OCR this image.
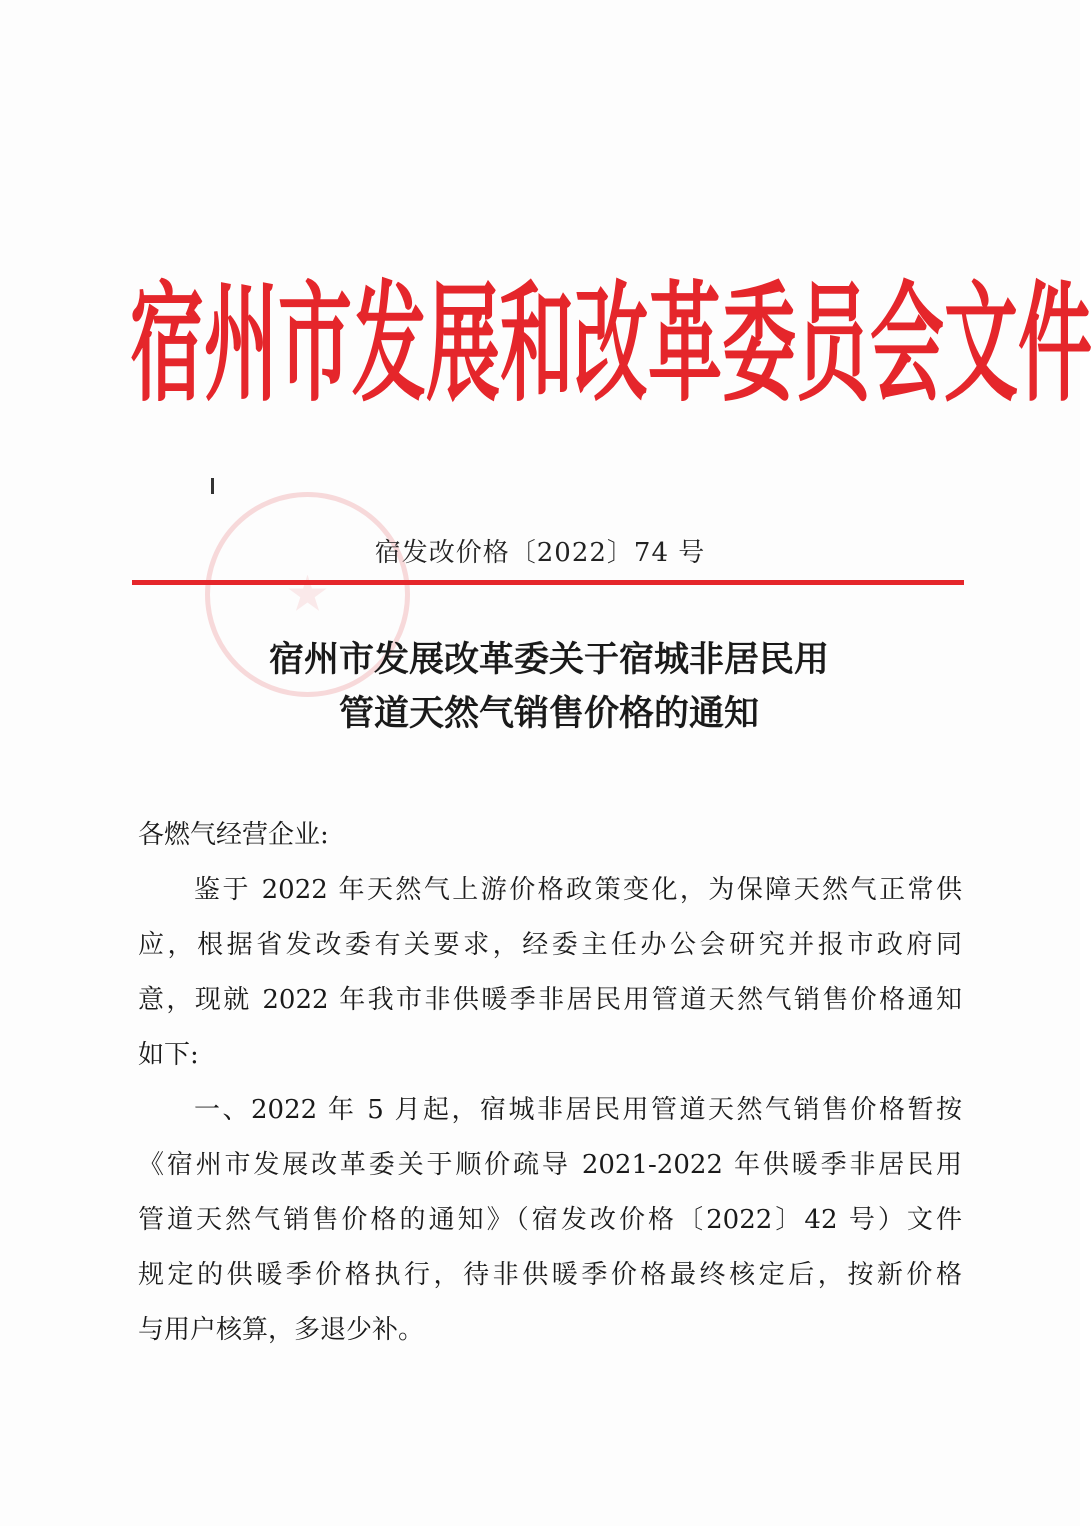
宿 州 市 发 展 和 改 革 委 员 会 文 件
宿发改价格〔2022〕74 号
宿州市发展改革委关于宿城非居民用
管道天然气销售价格的通知
各燃气经营企业:
鉴于 2022 年天然气上游价格政策变化，为保障天然气正常供
应，根据省发改委有关要求，经委主任办公会研究并报市政府同
意，现就 2022 年我市非供暖季非居民用管道天然气销售价格通知
如下:
一、2022 年 5 月起，宿城非居民用管道天然气销售价格暂按
《宿州市发展改革委关于顺价疏导 2021-2022 年供暖季非居民用
管道天然气销售价格的通知》（宿发改价格〔2022〕42 号）文件
规定的供暖季价格执行，待非供暖季价格最终核定后，按新价格
与用户核算，多退少补。
